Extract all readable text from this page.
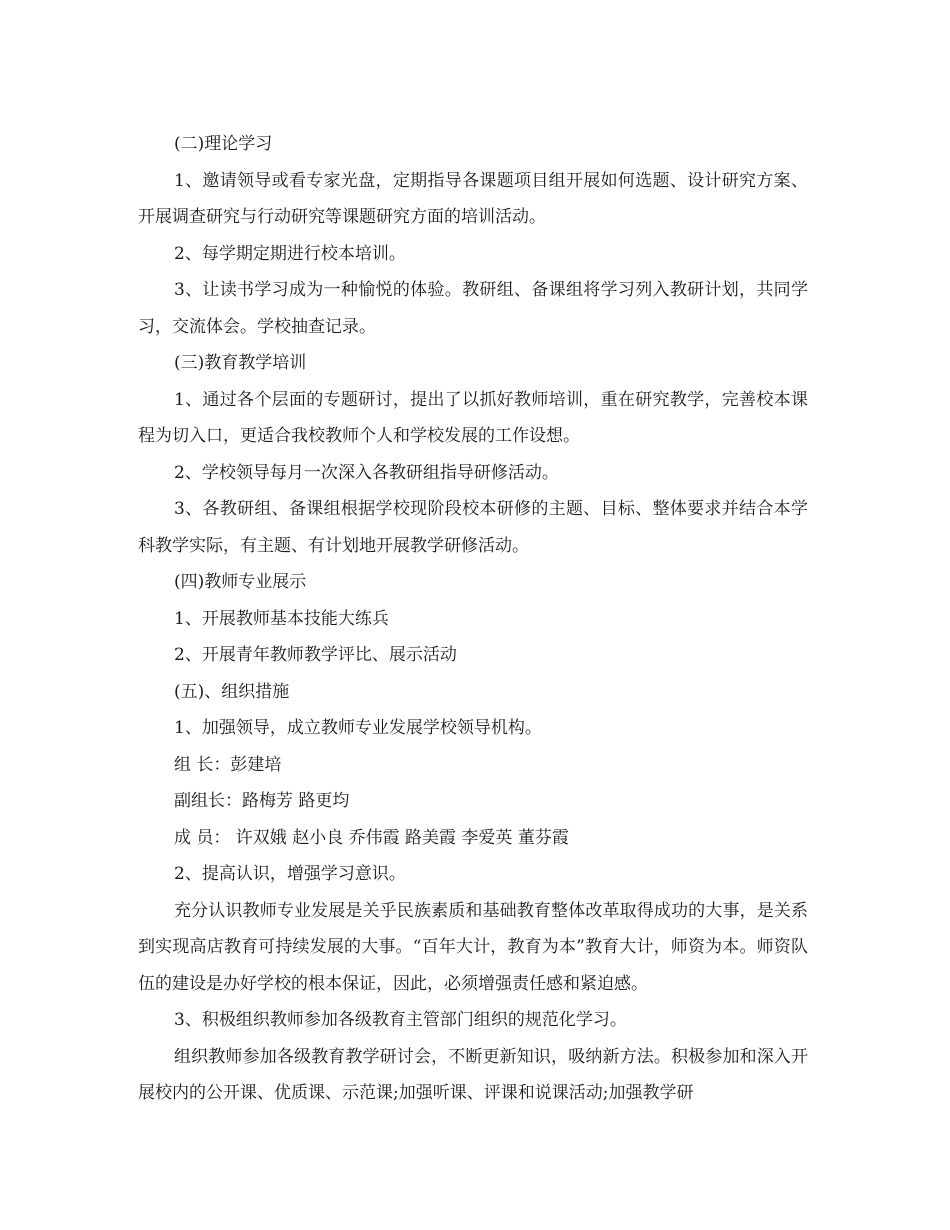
(二)理论学习

1、邀请领导或看专家光盘，定期指导各课题项目组开展如何选题、设计研究方案、开展调查研究与行动研究等课题研究方面的培训活动。

2、每学期定期进行校本培训。

3、让读书学习成为一种愉悦的体验。教研组、备课组将学习列入教研计划，共同学习，交流体会。学校抽查记录。

(三)教育教学培训

1、通过各个层面的专题研讨，提出了以抓好教师培训，重在研究教学，完善校本课程为切入口，更适合我校教师个人和学校发展的工作设想。

2、学校领导每月一次深入各教研组指导研修活动。

3、各教研组、备课组根据学校现阶段校本研修的主题、目标、整体要求并结合本学科教学实际，有主题、有计划地开展教学研修活动。

(四)教师专业展示

1、开展教师基本技能大练兵

2、开展青年教师教学评比、展示活动

(五)、组织措施

1、加强领导，成立教师专业发展学校领导机构。

组 长：彭建培

副组长：路梅芳 路更均

成 员： 许双娥 赵小良 乔伟霞 路美霞 李爱英 董芬霞

2、提高认识，增强学习意识。

充分认识教师专业发展是关乎民族素质和基础教育整体改革取得成功的大事，是关系到实现高店教育可持续发展的大事。“百年大计，教育为本”教育大计，师资为本。师资队伍的建设是办好学校的根本保证，因此，必须增强责任感和紧迫感。

3、积极组织教师参加各级教育主管部门组织的规范化学习。

组织教师参加各级教育教学研讨会，不断更新知识，吸纳新方法。积极参加和深入开展校内的公开课、优质课、示范课;加强听课、评课和说课活动;加强教学研
